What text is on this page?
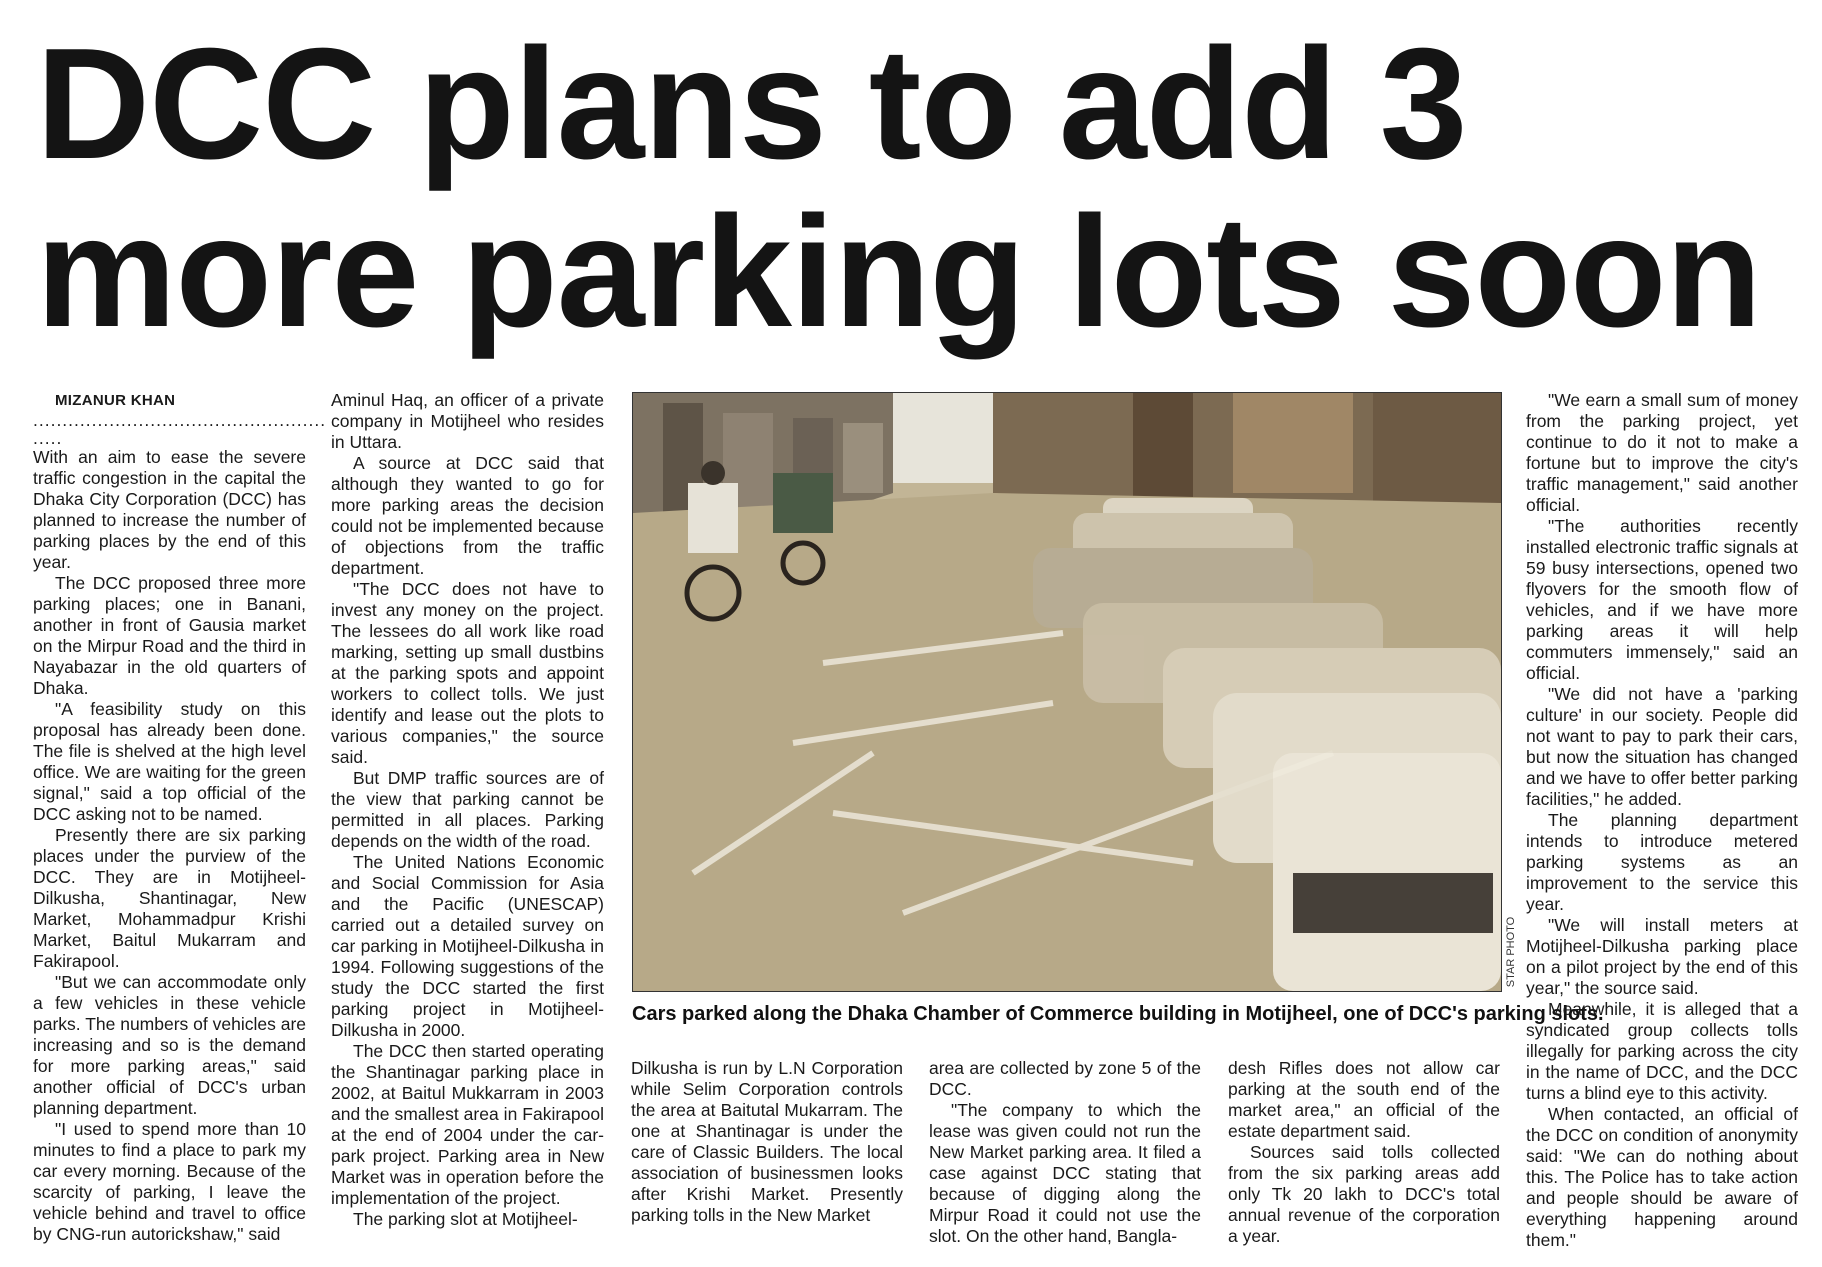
DCC plans to add 3 more parking lots soon

MIZANUR KHAN

.................................................. .....

With an aim to ease the severe traffic congestion in the capital the Dhaka City Corporation (DCC) has planned to increase the number of parking places by the end of this year.

The DCC proposed three more parking places; one in Banani, another in front of Gausia market on the Mirpur Road and the third in Nayabazar in the old quarters of Dhaka.

"A feasibility study on this proposal has already been done. The file is shelved at the high level office. We are waiting for the green signal," said a top official of the DCC asking not to be named.

Presently there are six parking places under the purview of the DCC. They are in Motijheel-Dilkusha, Shantinagar, New Market, Mohammadpur Krishi Market, Baitul Mukarram and Fakirapool.

"But we can accommodate only a few vehicles in these vehicle parks. The numbers of vehicles are increasing and so is the demand for more parking areas," said another official of DCC's urban planning department.

"I used to spend more than 10 minutes to find a place to park my car every morning. Because of the scarcity of parking, I leave the vehicle behind and travel to office by CNG-run autorickshaw," said

Aminul Haq, an officer of a private company in Motijheel who resides in Uttara.

A source at DCC said that although they wanted to go for more parking areas the decision could not be implemented because of objections from the traffic department.

"The DCC does not have to invest any money on the project. The lessees do all work like road marking, setting up small dustbins at the parking spots and appoint workers to collect tolls. We just identify and lease out the plots to various companies," the source said.

But DMP traffic sources are of the view that parking cannot be permitted in all places. Parking depends on the width of the road.

The United Nations Economic and Social Commission for Asia and the Pacific (UNESCAP) carried out a detailed survey on car parking in Motijheel-Dilkusha in 1994. Following suggestions of the study the DCC started the first parking project in Motijheel-Dilkusha in 2000.

The DCC then started operating the Shantinagar parking place in 2002, at Baitul Mukkarram in 2003 and the smallest area in Fakirapool at the end of 2004 under the car-park project. Parking area in New Market was in operation before the implementation of the project.

The parking slot at Motijheel-

STAR PHOTO

Cars parked along the Dhaka Chamber of Commerce building in Motijheel, one of DCC's parking slots.

Dilkusha is run by L.N Corporation while Selim Corporation controls the area at Baitutal Mukarram. The one at Shantinagar is under the care of Classic Builders. The local association of businessmen looks after Krishi Market. Presently parking tolls in the New Market

area are collected by zone 5 of the DCC.

"The company to which the lease was given could not run the New Market parking area. It filed a case against DCC stating that because of digging along the Mirpur Road it could not use the slot. On the other hand, Bangla-

desh Rifles does not allow car parking at the south end of the market area," an official of the estate department said.

Sources said tolls collected from the six parking areas add only Tk 20 lakh to DCC's total annual revenue of the corporation a year.

"We earn a small sum of money from the parking project, yet continue to do it not to make a fortune but to improve the city's traffic management," said another official.

"The authorities recently installed electronic traffic signals at 59 busy intersections, opened two flyovers for the smooth flow of vehicles, and if we have more parking areas it will help commuters immensely," said an official.

"We did not have a 'parking culture' in our society. People did not want to pay to park their cars, but now the situation has changed and we have to offer better parking facilities," he added.

The planning department intends to introduce metered parking systems as an improvement to the service this year.

"We will install meters at Motijheel-Dilkusha parking place on a pilot project by the end of this year," the source said.

Meanwhile, it is alleged that a syndicated group collects tolls illegally for parking across the city in the name of DCC, and the DCC turns a blind eye to this activity.

When contacted, an official of the DCC on condition of anonymity said: "We can do nothing about this. The Police has to take action and people should be aware of everything happening around them."
